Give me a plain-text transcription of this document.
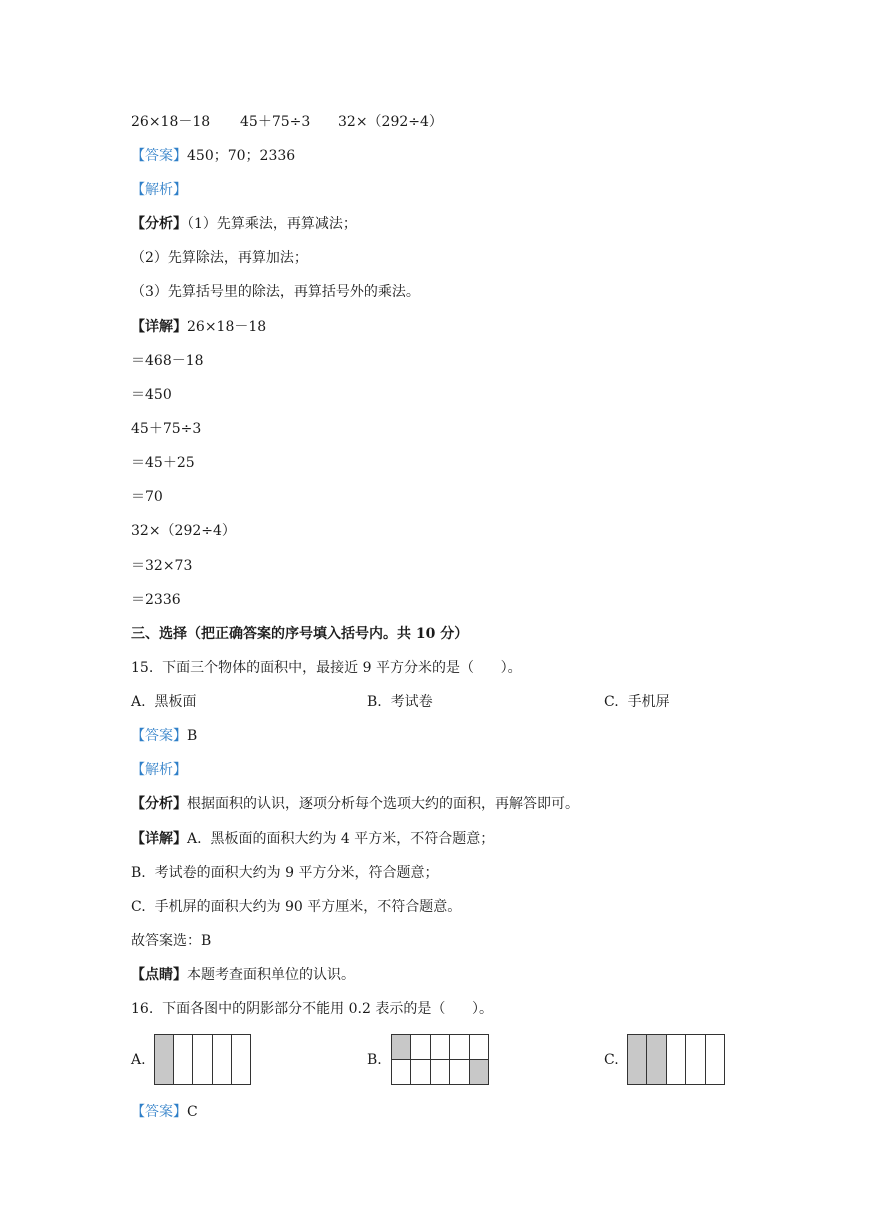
26×18－18 45＋75÷3 32×（292÷4）
【答案】450；70；2336
【解析】
【分析】（1）先算乘法，再算减法；
（2）先算除法，再算加法；
（3）先算括号里的除法，再算括号外的乘法。
【详解】26×18－18
＝468－18
＝450
45＋75÷3
＝45＋25
＝70
32×（292÷4）
＝32×73
＝2336
三、选择（把正确答案的序号填入括号内。共 10 分）
15.  下面三个物体的面积中，最接近 9 平方分米的是（      ）。
A.  黑板面	B.  考试卷	C.  手机屏
【答案】B
【解析】
【分析】根据面积的认识，逐项分析每个选项大约的面积，再解答即可。
【详解】A.  黑板面的面积大约为 4 平方米，不符合题意；
B.  考试卷的面积大约为 9 平方分米，符合题意；
C.  手机屏的面积大约为 90 平方厘米，不符合题意。
故答案选：B
【点睛】本题考查面积单位的认识。
16.  下面各图中的阴影部分不能用 0.2 表示的是（      ）。
A.	B.	C.
【答案】C
